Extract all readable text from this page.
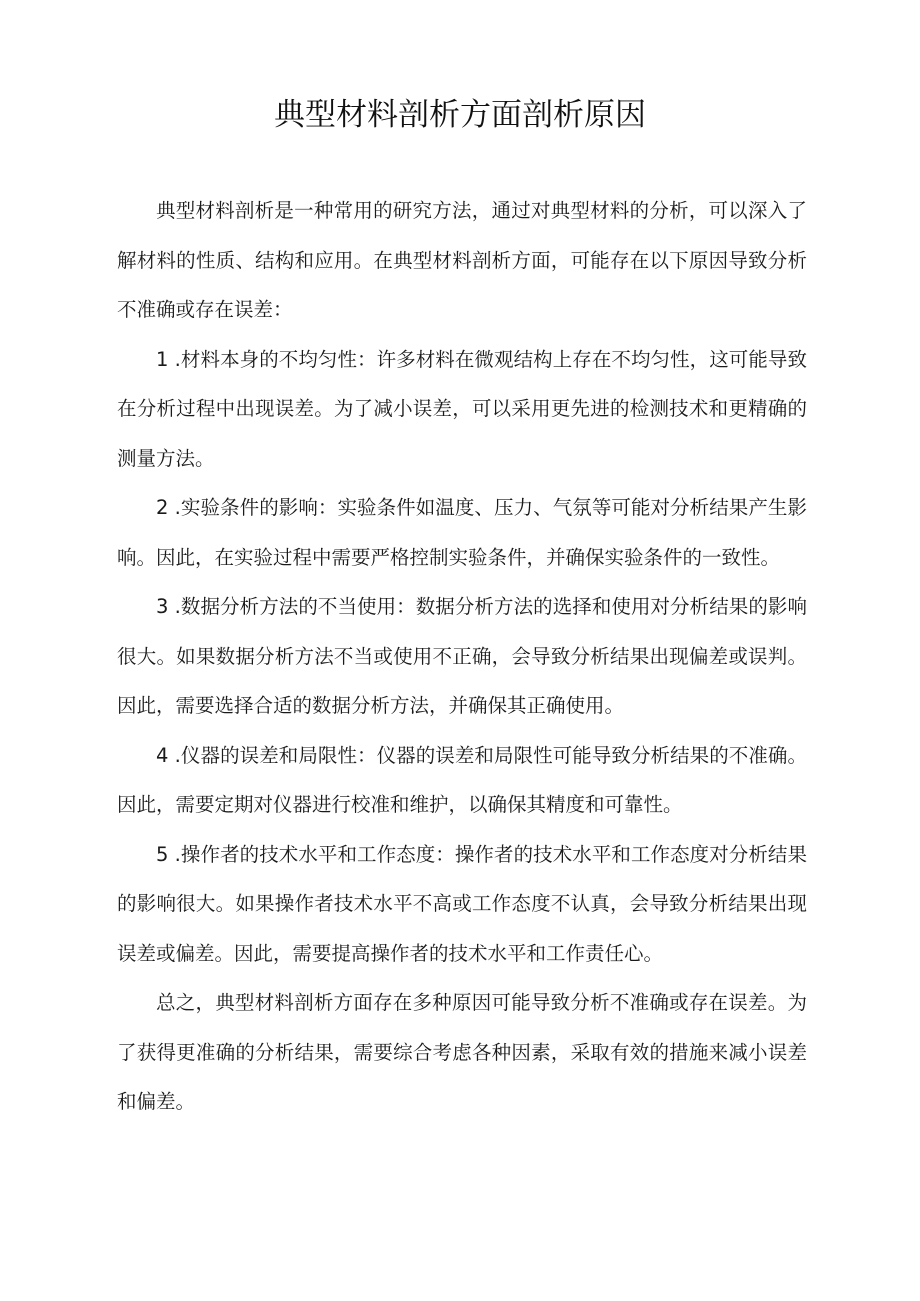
典型材料剖析方面剖析原因

典型材料剖析是一种常用的研究方法，通过对典型材料的分析，可以深入了解材料的性质、结构和应用。在典型材料剖析方面，可能存在以下原因导致分析不准确或存在误差：

1 .材料本身的不均匀性：许多材料在微观结构上存在不均匀性，这可能导致在分析过程中出现误差。为了减小误差，可以采用更先进的检测技术和更精确的测量方法。

2 .实验条件的影响：实验条件如温度、压力、气氛等可能对分析结果产生影响。因此，在实验过程中需要严格控制实验条件，并确保实验条件的一致性。

3 .数据分析方法的不当使用：数据分析方法的选择和使用对分析结果的影响很大。如果数据分析方法不当或使用不正确，会导致分析结果出现偏差或误判。因此，需要选择合适的数据分析方法，并确保其正确使用。

4 .仪器的误差和局限性：仪器的误差和局限性可能导致分析结果的不准确。因此，需要定期对仪器进行校准和维护，以确保其精度和可靠性。

5 .操作者的技术水平和工作态度：操作者的技术水平和工作态度对分析结果的影响很大。如果操作者技术水平不高或工作态度不认真，会导致分析结果出现误差或偏差。因此，需要提高操作者的技术水平和工作责任心。

总之，典型材料剖析方面存在多种原因可能导致分析不准确或存在误差。为了获得更准确的分析结果，需要综合考虑各种因素，采取有效的措施来减小误差和偏差。
